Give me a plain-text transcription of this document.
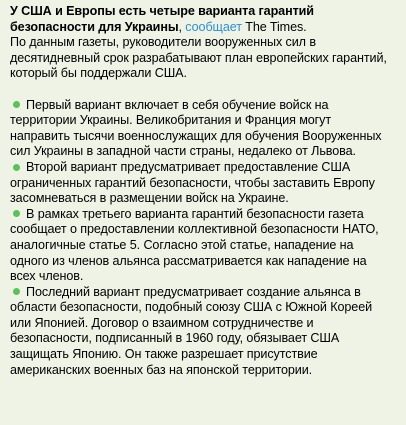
У США и Европы есть четыре варианта гарантий безопасности для Украины, сообщает The Times.

По данным газеты, руководители вооруженных сил в десятидневный срок разрабатывают план европейских гарантий, который бы поддержали США.

Первый вариант включает в себя обучение войск на территории Украины. Великобритания и Франция могут направить тысячи военнослужащих для обучения Вооруженных сил Украины в западной части страны, недалеко от Львова.

Второй вариант предусматривает предоставление США ограниченных гарантий безопасности, чтобы заставить Европу засомневаться в размещении войск на Украине.

В рамках третьего варианта гарантий безопасности газета сообщает о предоставлении коллективной безопасности НАТО, аналогичные статье 5. Согласно этой статье, нападение на одного из членов альянса рассматривается как нападение на всех членов.

Последний вариант предусматривает создание альянса в области безопасности, подобный союзу США с Южной Кореей или Японией. Договор о взаимном сотрудничестве и безопасности, подписанный в 1960 году, обязывает США защищать Японию. Он также разрешает присутствие американских военных баз на японской территории.
